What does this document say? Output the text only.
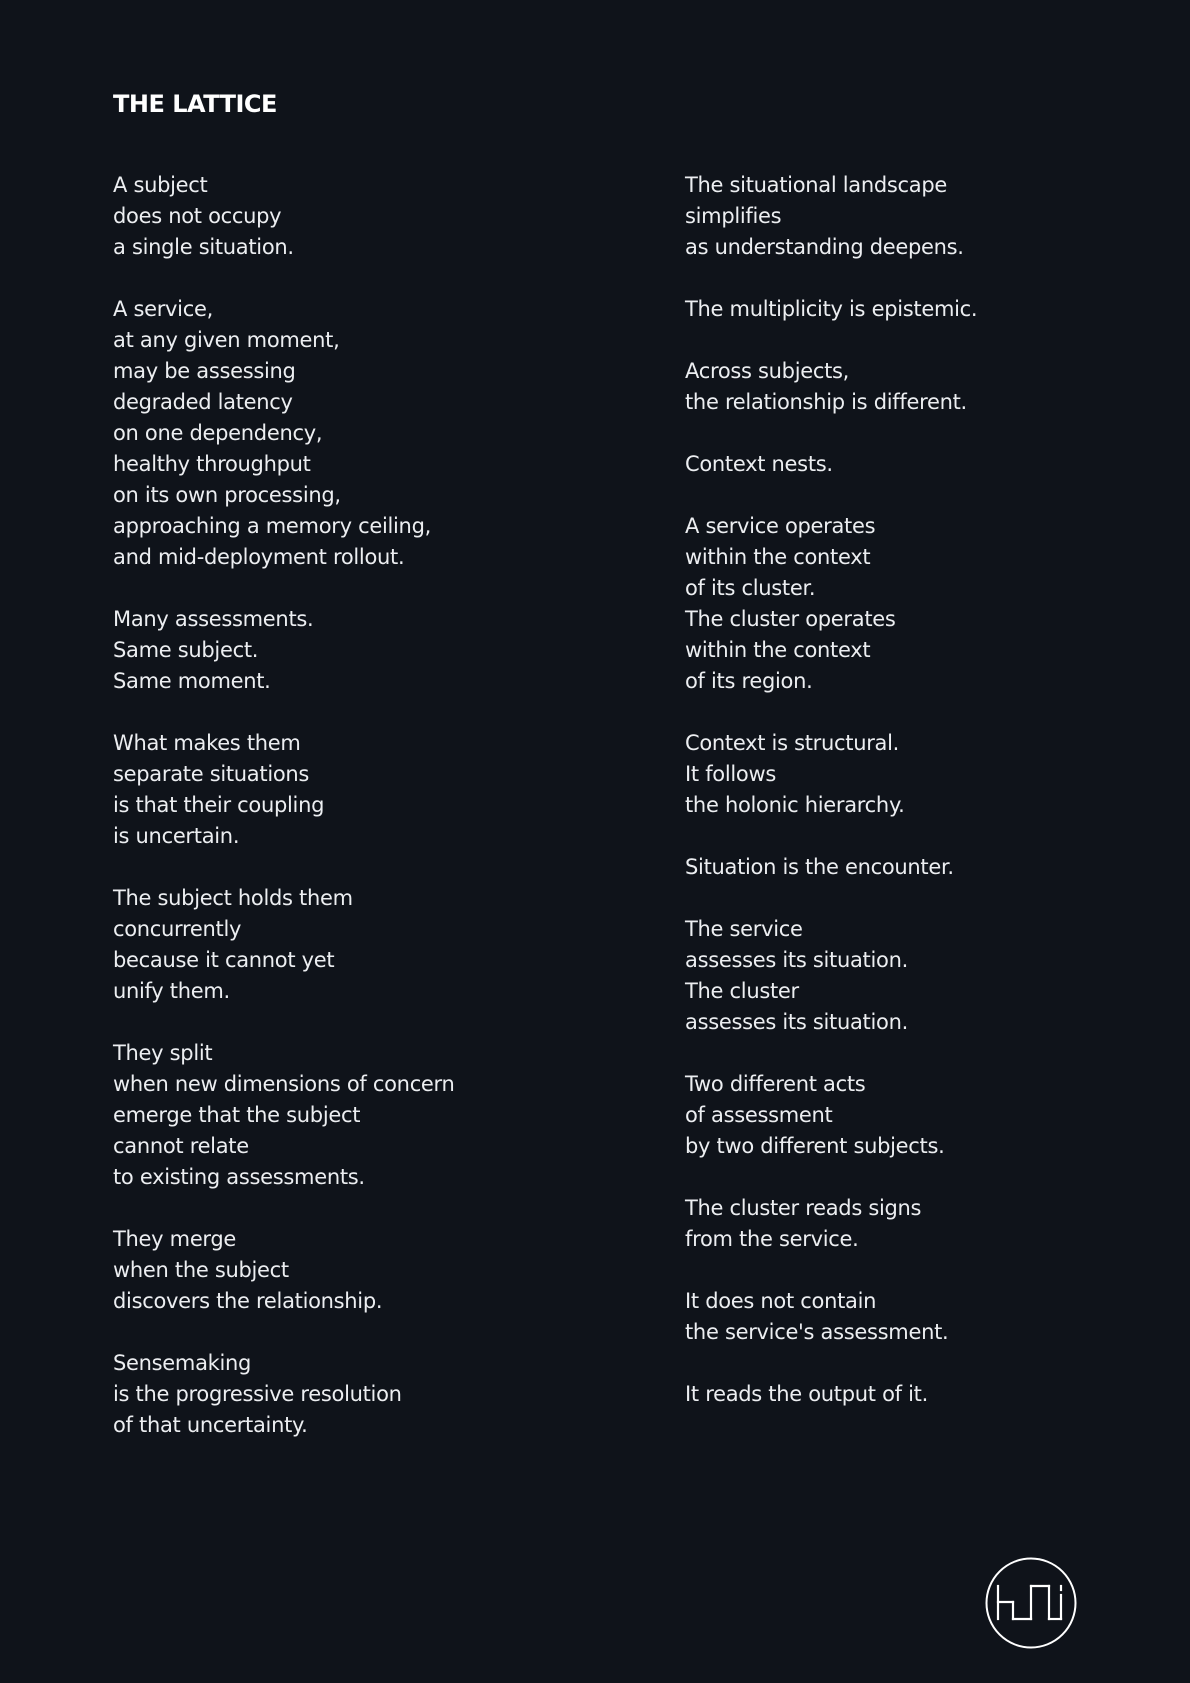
THE LATTICE

A subject
does not occupy
a single situation.

A service,
at any given moment,
may be assessing
degraded latency
on one dependency,
healthy throughput
on its own processing,
approaching a memory ceiling,
and mid-deployment rollout.

Many assessments.
Same subject.
Same moment.

What makes them
separate situations
is that their coupling
is uncertain.

The subject holds them
concurrently
because it cannot yet
unify them.

They split
when new dimensions of concern
emerge that the subject
cannot relate
to existing assessments.

They merge
when the subject
discovers the relationship.

Sensemaking
is the progressive resolution
of that uncertainty.

The situational landscape
simplifies
as understanding deepens.

The multiplicity is epistemic.

Across subjects,
the relationship is different.

Context nests.

A service operates
within the context
of its cluster.
The cluster operates
within the context
of its region.

Context is structural.
It follows
the holonic hierarchy.

Situation is the encounter.

The service
assesses its situation.
The cluster
assesses its situation.

Two different acts
of assessment
by two different subjects.

The cluster reads signs
from the service.

It does not contain
the service's assessment.

It reads the output of it.
